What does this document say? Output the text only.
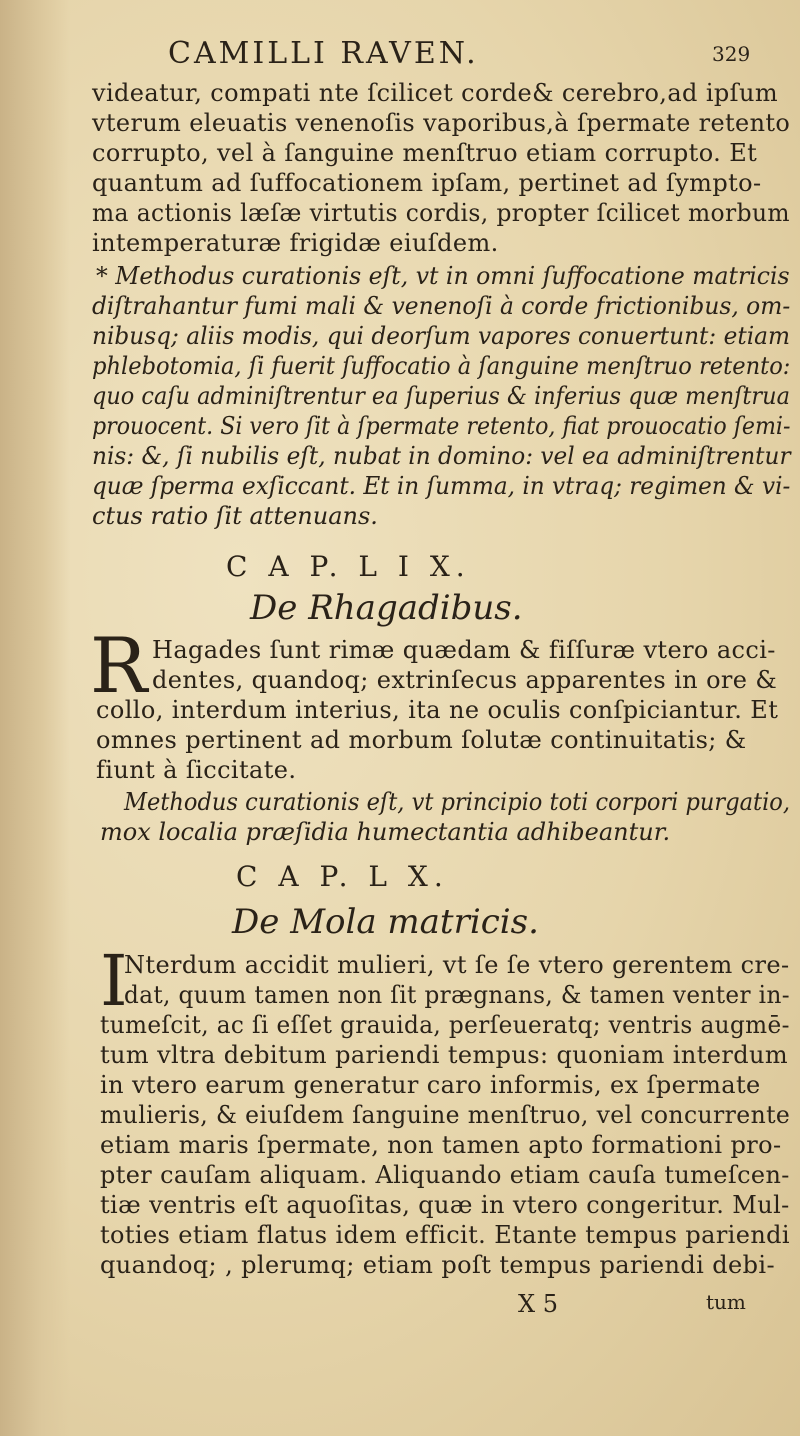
CAMILLI RAVEN.	329
videatur, compati nte ſcilicet corde& cerebro,ad ipſum
vterum eleuatis venenoſis vaporibus,à ſpermate retento
corrupto, vel à ſanguine menſtruo etiam corrupto. Et
quantum ad ſuffocationem ipſam, pertinet ad ſympto-
ma actionis læſæ virtutis cordis, propter ſcilicet morbum
intemperaturæ frigidæ eiuſdem.
* Methodus curationis eſt, vt in omni ſuffocatione matricis
diſtrahantur fumi mali & venenoſi à corde frictionibus, om-
nibusq; aliis modis, qui deorſum vapores conuertunt: etiam
phlebotomia, ſi fuerit ſuffocatio à ſanguine menſtruo retento:
quo caſu adminiſtrentur ea ſuperius & inferius quæ menſtrua
prouocent. Si vero ſit à ſpermate retento, fiat prouocatio ſemi-
nis: &, ſi nubilis eſt, nubat in domino: vel ea adminiſtrentur
quæ ſperma exſiccant. Et in ſumma, in vtraq; regimen & vi-
ctus ratio ſit attenuans.
C A P. L I X.
De Rhagadibus.
R Hagades ſunt rimæ quædam & fiſſuræ vtero acci-
dentes, quandoq; extrinſecus apparentes in ore &
collo, interdum interius, ita ne oculis conſpiciantur. Et
omnes pertinent ad morbum ſolutæ continuitatis; &
fiunt à ſiccitate.
Methodus curationis eſt, vt principio toti corpori purgatio,
mox localia præſidia humectantia adhibeantur.
C A P. L X.
De Mola matricis.
I
Nterdum accidit mulieri, vt ſe ſe vtero gerentem cre-
dat, quum tamen non ſit prægnans, & tamen venter in-
tumeſcit, ac ſi eſſet grauida, perſeueratq; ventris augmē-
tum vltra debitum pariendi tempus: quoniam interdum
in vtero earum generatur caro informis, ex ſpermate
mulieris, & eiuſdem ſanguine menſtruo, vel concurrente
etiam maris ſpermate, non tamen apto formationi pro-
pter cauſam aliquam. Aliquando etiam cauſa tumeſcen-
tiæ ventris eſt aquoſitas, quæ in vtero congeritur. Mul-
toties etiam flatus idem efficit. Etante tempus pariendi
quandoq; , plerumq; etiam poſt tempus pariendi debi-
X 5	tum
